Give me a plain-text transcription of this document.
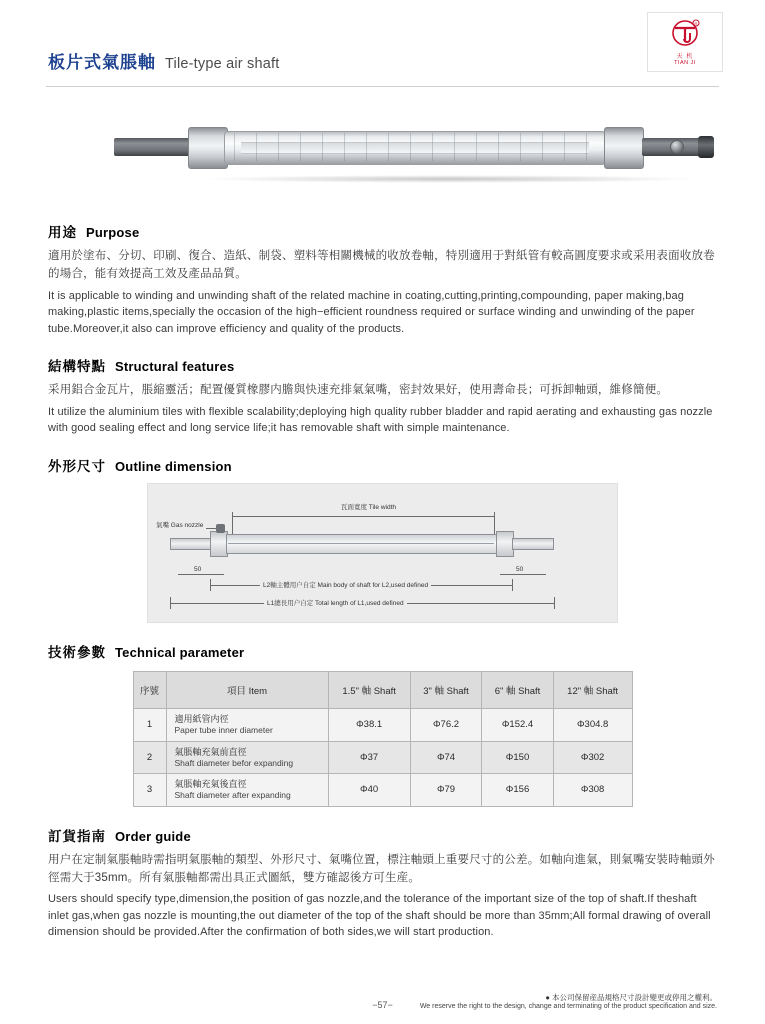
板片式氣脹軸 Tile-type air shaft
R
天 机
TIAN JI
用途 Purpose

適用於塗布、分切、印刷、復合、造紙、制袋、塑料等相關機械的收放卷軸，特別適用于對紙管有較高圓度要求或采用表面收放卷的場合，能有效提高工效及產品品質。

It is applicable to winding and unwinding shaft of the related machine in coating,cutting,printing,compounding, paper making,bag making,plastic items,specially the occasion of the high−efficient roundness required or surface winding and unwinding of the paper tube.Moreover,it also can improve efficiency and quality of the products.

結構特點 Structural features

采用鋁合金瓦片，脹縮靈活；配置優質橡膠内膽與快速充排氣氣嘴，密封效果好，使用壽命長；可拆卸軸頭，維修簡便。

It utilize the aluminium tiles with flexible scalability;deploying high quality rubber bladder and rapid aerating and exhausting gas nozzle with good sealing effect and long service life;it has removable shaft with simple maintenance.

外形尺寸 Outline dimension
瓦面寬度 Tile width
氣嘴 Gas nozzle
50	50
L2軸主體用户自定 Main body of shaft for L2,used defined
L1總長用户自定 Total length of L1,used defined
技術參數 Technical parameter
序號	項目 Item	1.5" 軸 Shaft	3" 軸 Shaft	6" 軸 Shaft	12" 軸 Shaft
1	適用紙管内徑
Paper tube inner diameter	Φ38.1	Φ76.2	Φ152.4	Φ304.8
2	氣脹軸充氣前直徑
Shaft diameter befor expanding	Φ37	Φ74	Φ150	Φ302
3	氣脹軸充氣後直徑
Shaft diameter after expanding	Φ40	Φ79	Φ156	Φ308
訂貨指南 Order guide

用户在定制氣脹軸時需指明氣脹軸的類型、外形尺寸、氣嘴位置，標注軸頭上重要尺寸的公差。如軸向進氣，則氣嘴安裝時軸頭外徑需大于35mm。所有氣脹軸都需出具正式圖紙，雙方確認後方可生産。

Users should specify type,dimension,the position of gas nozzle,and the tolerance of the important size of the top of shaft.If theshaft inlet gas,when gas nozzle is mounting,the out diameter of the top of the shaft should be more than 35mm;All formal drawing of overall dimension should be provided.After the confirmation of both sides,we will start production.

● 本公司保留産品規格尺寸設計變更或停用之權利。
We reserve the right to the design, change and terminating of the product specification and size.
−57−
